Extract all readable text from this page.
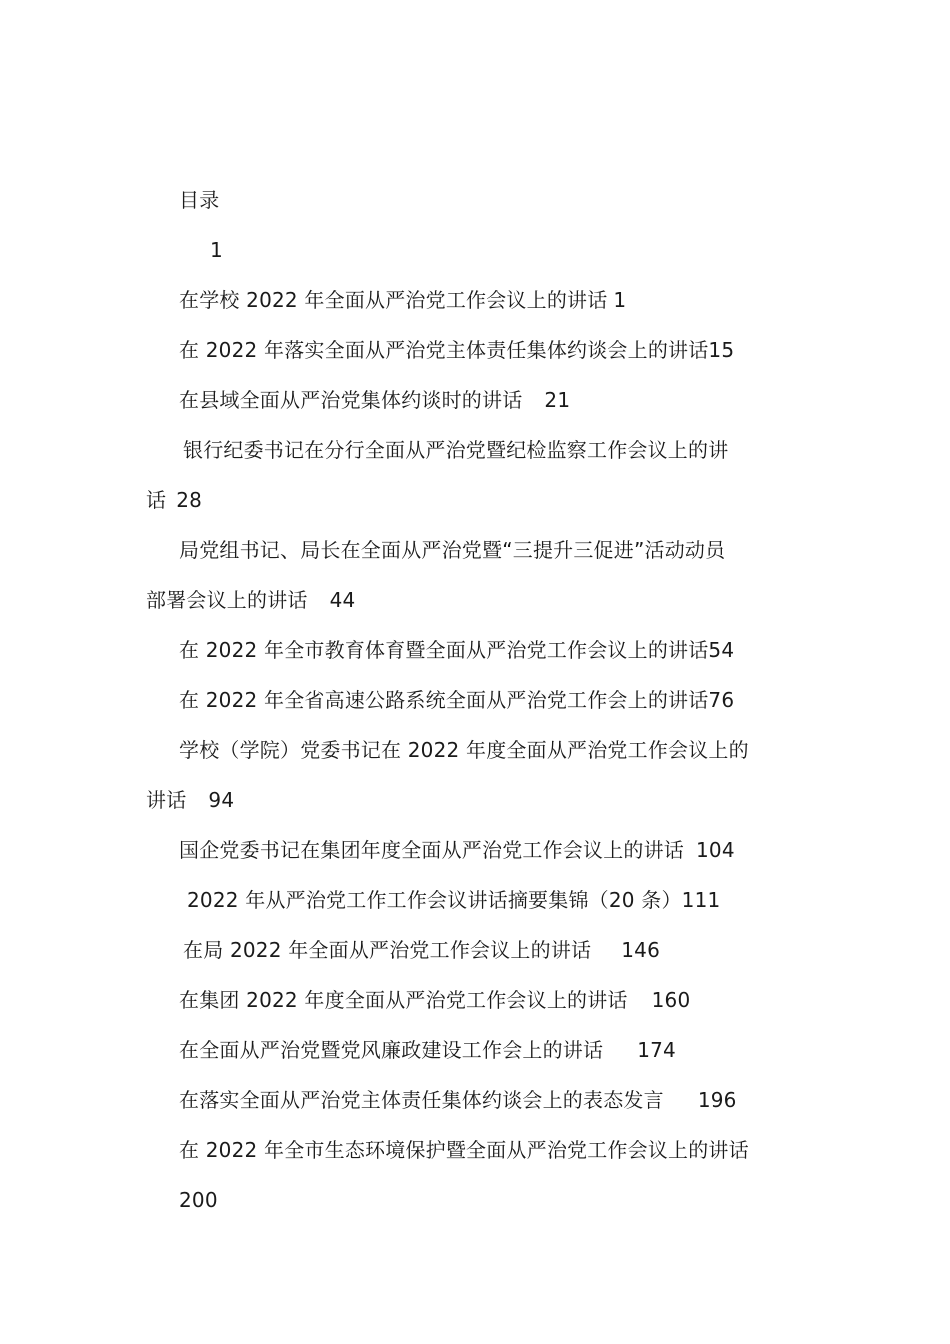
目录
1
在学校 2022 年全面从严治党工作会议上的讲话 1
在 2022 年落实全面从严治党主体责任集体约谈会上的讲话15
在县域全面从严治党集体约谈时的讲话 21
银行纪委书记在分行全面从严治党暨纪检监察工作会议上的讲
话 28
局党组书记、局长在全面从严治党暨“三提升三促进”活动动员
部署会议上的讲话 44
在 2022 年全市教育体育暨全面从严治党工作会议上的讲话54
在 2022 年全省高速公路系统全面从严治党工作会上的讲话76
学校（学院）党委书记在 2022 年度全面从严治党工作会议上的
讲话 94
国企党委书记在集团年度全面从严治党工作会议上的讲话 104
2022 年从严治党工作工作会议讲话摘要集锦（20 条）111
在局 2022 年全面从严治党工作会议上的讲话 146
在集团 2022 年度全面从严治党工作会议上的讲话 160
在全面从严治党暨党风廉政建设工作会上的讲话 174
在落实全面从严治党主体责任集体约谈会上的表态发言 196
在 2022 年全市生态环境保护暨全面从严治党工作会议上的讲话
200
